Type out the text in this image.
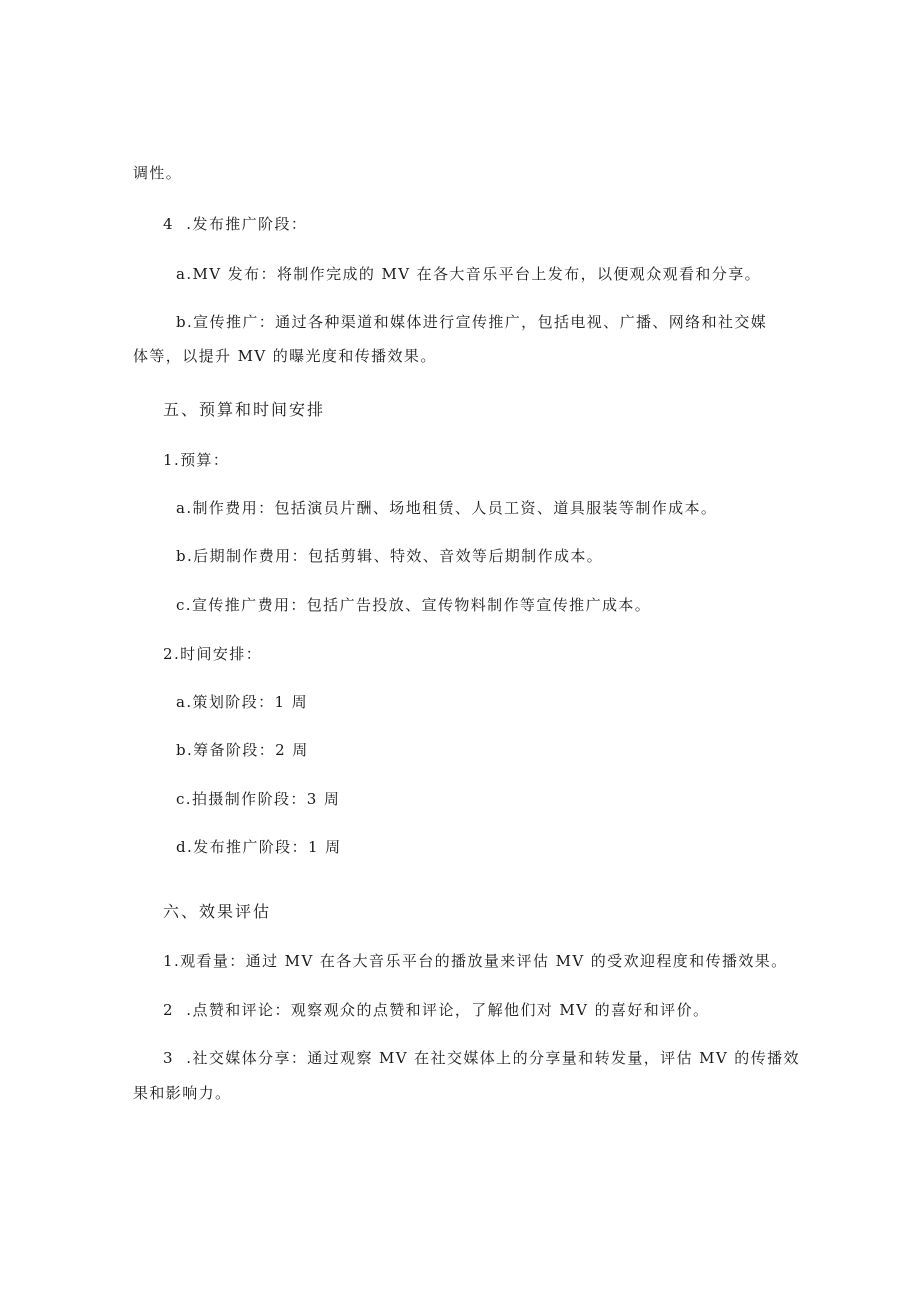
调性。
4  .发布推广阶段：
a.MV 发布：将制作完成的 MV 在各大音乐平台上发布，以便观众观看和分享。
b.宣传推广：通过各种渠道和媒体进行宣传推广，包括电视、广播、网络和社交媒
体等，以提升 MV 的曝光度和传播效果。
五、预算和时间安排
1.预算：
a.制作费用：包括演员片酬、场地租赁、人员工资、道具服装等制作成本。
b.后期制作费用：包括剪辑、特效、音效等后期制作成本。
c.宣传推广费用：包括广告投放、宣传物料制作等宣传推广成本。
2.时间安排：
a.策划阶段：1 周
b.筹备阶段：2 周
c.拍摄制作阶段：3 周
d.发布推广阶段：1 周
六、效果评估
1.观看量：通过 MV 在各大音乐平台的播放量来评估 MV 的受欢迎程度和传播效果。
2  .点赞和评论：观察观众的点赞和评论，了解他们对 MV 的喜好和评价。
3  .社交媒体分享：通过观察 MV 在社交媒体上的分享量和转发量，评估 MV 的传播效
果和影响力。
